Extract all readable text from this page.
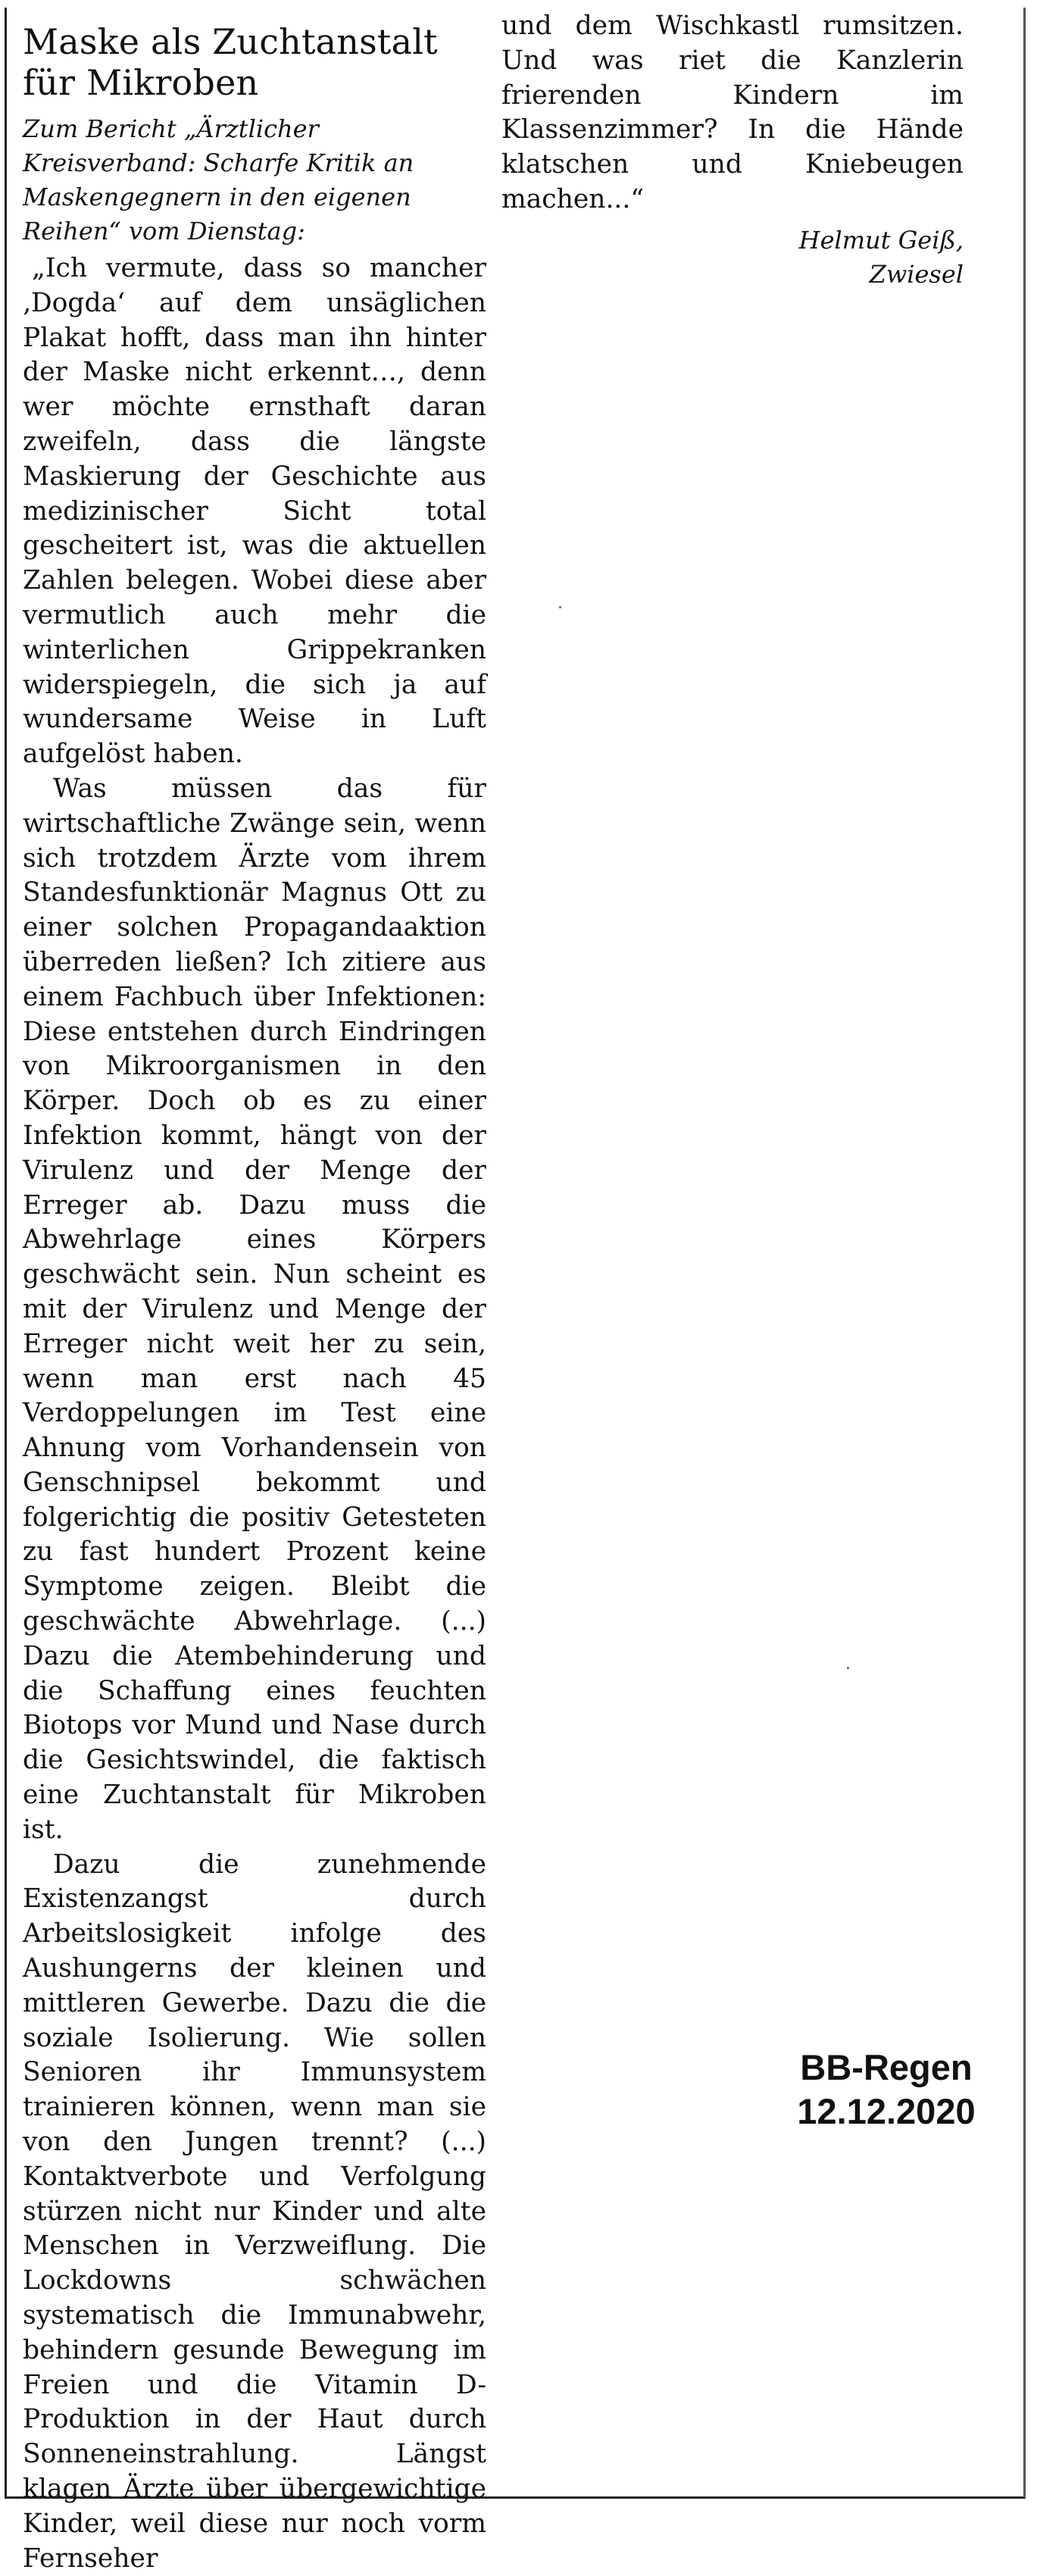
Maske als Zuchtanstalt
für Mikroben

Zum Bericht „Ärztlicher Kreisverband: Scharfe Kritik an Maskengegnern in den eigenen Reihen“ vom Dienstag:

„Ich vermute, dass so mancher ‚Dogda‘ auf dem unsäglichen Plakat hofft, dass man ihn hinter der Maske nicht erkennt…, denn wer möchte ernsthaft daran zweifeln, dass die längste Maskierung der Geschichte aus medizinischer Sicht total gescheitert ist, was die aktuellen Zahlen belegen. Wobei diese aber vermutlich auch mehr die winterlichen Grippekranken widerspiegeln, die sich ja auf wundersame Weise in Luft aufgelöst haben.

Was müssen das für wirtschaftliche Zwänge sein, wenn sich trotzdem Ärzte vom ihrem Standesfunktionär Magnus Ott zu einer solchen Propagandaaktion überreden ließen? Ich zitiere aus einem Fachbuch über Infektionen: Diese entstehen durch Eindringen von Mikroorganismen in den Körper. Doch ob es zu einer Infektion kommt, hängt von der Virulenz und der Menge der Erreger ab. Dazu muss die Abwehrlage eines Körpers geschwächt sein. Nun scheint es mit der Virulenz und Menge der Erreger nicht weit her zu sein, wenn man erst nach 45 Verdoppelungen im Test eine Ahnung vom Vorhandensein von Genschnipsel bekommt und folgerichtig die positiv Getesteten zu fast hundert Prozent keine Symptome zeigen. Bleibt die geschwächte Abwehrlage. (...) Dazu die Atembehinderung und die Schaffung eines feuchten Biotops vor Mund und Nase durch die Gesichtswindel, die faktisch eine Zuchtanstalt für Mikroben ist.

Dazu die zunehmende Existenzangst durch Arbeitslosigkeit infolge des Aushungerns der kleinen und mittleren Gewerbe. Dazu die die soziale Isolierung. Wie sollen Senioren ihr Immunsystem trainieren können, wenn man sie von den Jungen trennt? (...) Kontaktverbote und Verfolgung stürzen nicht nur Kinder und alte Menschen in Verzweiflung. Die Lockdowns schwächen systematisch die Immunabwehr, behindern gesunde Bewegung im Freien und die Vitamin D-Produktion in der Haut durch Sonneneinstrahlung. Längst klagen Ärzte über übergewichtige Kinder, weil diese nur noch vorm Fernseher

und dem Wischkastl rumsitzen. Und was riet die Kanzlerin frierenden Kindern im Klassenzimmer? In die Hände klatschen und Kniebeugen machen...“

Helmut Geiß,
Zwiesel

BB-Regen
12.12.2020
